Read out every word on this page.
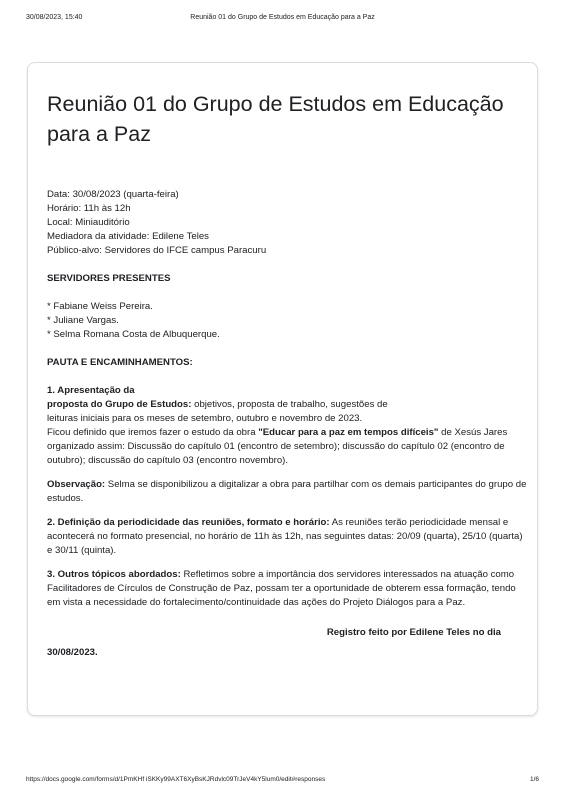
30/08/2023, 15:40	Reunião 01 do Grupo de Estudos em Educação para a Paz
Reunião 01 do Grupo de Estudos em Educação para a Paz

Data: 30/08/2023 (quarta-feira)

Horário: 11h às 12h

Local: Miniauditório

Mediadora da atividade: Edilene Teles

Público-alvo: Servidores do IFCE campus Paracuru

SERVIDORES PRESENTES

* Fabiane Weiss Pereira.

* Juliane Vargas.

* Selma Romana Costa de Albuquerque.

PAUTA E ENCAMINHAMENTOS:

1. Apresentação da

proposta do Grupo de Estudos: objetivos, proposta de trabalho, sugestões de

leituras iniciais para os meses de setembro, outubro e novembro de 2023.

Ficou definido que iremos fazer o estudo da obra "Educar para a paz em tempos difíceis" de Xesús Jares organizado assim: Discussão do capítulo 01 (encontro de setembro); discussão do capítulo 02 (encontro de outubro); discussão do capítulo 03 (encontro novembro).

Observação: Selma se disponibilizou a digitalizar a obra para partilhar com os demais participantes do grupo de estudos.

2. Definição da periodicidade das reuniões, formato e horário: As reuniões terão periodicidade mensal e acontecerá no formato presencial, no horário de 11h às 12h, nas seguintes datas: 20/09 (quarta), 25/10 (quarta) e 30/11 (quinta).

3. Outros tópicos abordados: Refletimos sobre a importância dos servidores interessados na atuação como Facilitadores de Círculos de Construção de Paz, possam ter a oportunidade de obterem essa formação, tendo em vista a necessidade do fortalecimento/continuidade das ações do Projeto Diálogos para a Paz.

Registro feito por Edilene Teles no dia

30/08/2023.

https://docs.google.com/forms/d/1PmKHf iSKKy99AXT6XyBsKJRdvlc09TrJeV4kY5lum0/edit#responses	1/6
